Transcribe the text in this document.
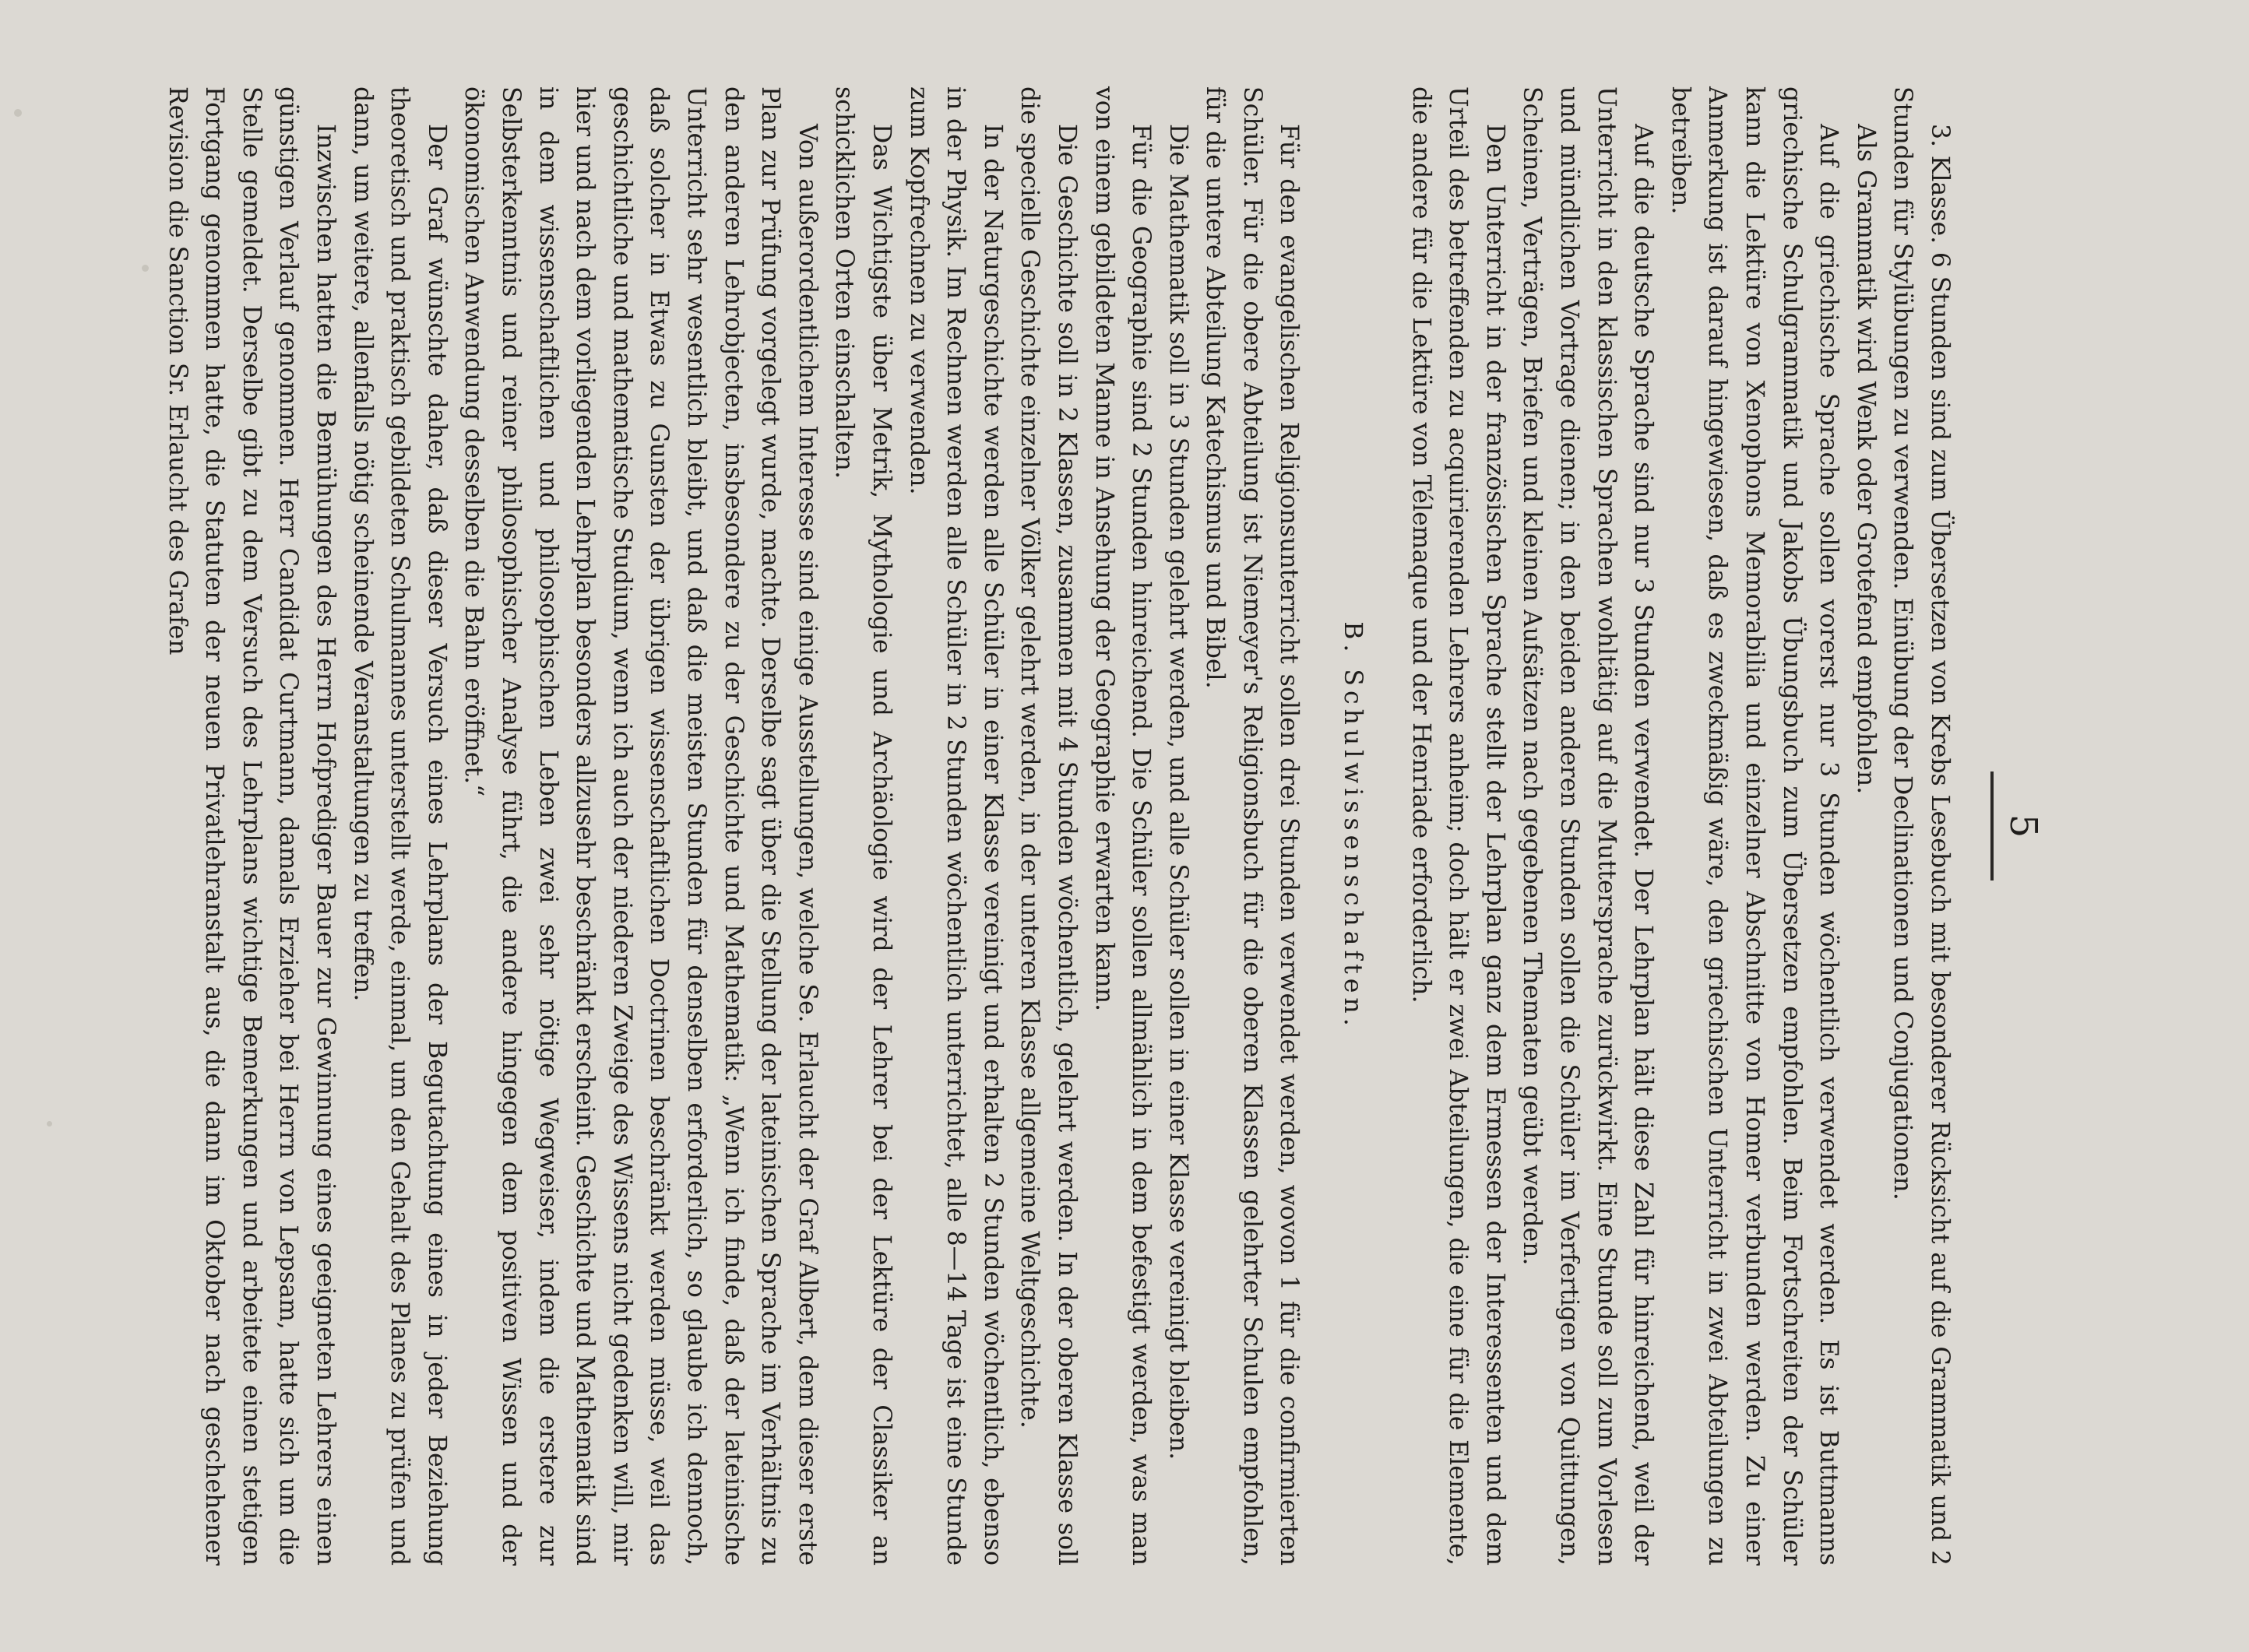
5

3. Klasse. 6 Stunden sind zum Übersetzen von Krebs Lesebuch mit besonderer Rücksicht auf die Grammatik und 2 Stunden für Stylübungen zu verwenden. Einübung der Declinationen und Conjugationen.

Als Grammatik wird Wenk oder Grotefend empfohlen.

Auf die griechische Sprache sollen vorerst nur 3 Stunden wöchentlich verwendet werden. Es ist Buttmanns griechische Schulgrammatik und Jakobs Übungsbuch zum Übersetzen empfohlen. Beim Fortschreiten der Schüler kann die Lektüre von Xenophons Memorabilia und einzelner Abschnitte von Homer verbunden werden. Zu einer Anmerkung ist darauf hingewiesen, daß es zweckmäßig wäre, den griechischen Unterricht in zwei Abteilungen zu betreiben.

Auf die deutsche Sprache sind nur 3 Stunden verwendet. Der Lehrplan hält diese Zahl für hinreichend, weil der Unterricht in den klassischen Sprachen wohltätig auf die Muttersprache zurückwirkt. Eine Stunde soll zum Vorlesen und mündlichen Vortrage dienen; in den beiden anderen Stunden sollen die Schüler im Verfertigen von Quittungen, Scheinen, Verträgen, Briefen und kleinen Aufsätzen nach gegebenen Thematen geübt werden.

Den Unterricht in der französischen Sprache stellt der Lehrplan ganz dem Ermessen der Interessenten und dem Urteil des betreffenden zu acquirierenden Lehrers anheim; doch hält er zwei Abteilungen, die eine für die Elemente, die andere für die Lektüre von Télemaque und der Henriade erforderlich.

B. Schulwissenschaften.

Für den evangelischen Religionsunterricht sollen drei Stunden verwendet werden, wovon 1 für die confirmierten Schüler. Für die obere Abteilung ist Niemeyer's Religionsbuch für die oberen Klassen gelehrter Schulen empfohlen, für die untere Abteilung Katechismus und Bibel.

Die Mathematik soll in 3 Stunden gelehrt werden, und alle Schüler sollen in einer Klasse vereinigt bleiben.

Für die Geographie sind 2 Stunden hinreichend. Die Schüler sollen allmählich in dem befestigt werden, was man von einem gebildeten Manne in Ansehung der Geographie erwarten kann.

Die Geschichte soll in 2 Klassen, zusammen mit 4 Stunden wöchentlich, gelehrt werden. In der oberen Klasse soll die specielle Geschichte einzelner Völker gelehrt werden, in der unteren Klasse allgemeine Weltgeschichte.

In der Naturgeschichte werden alle Schüler in einer Klasse vereinigt und erhalten 2 Stunden wöchentlich, ebenso in der Physik. Im Rechnen werden alle Schüler in 2 Stunden wöchentlich unterrichtet, alle 8—14 Tage ist eine Stunde zum Kopfrechnen zu verwenden.

Das Wichtigste über Metrik, Mythologie und Archäologie wird der Lehrer bei der Lektüre der Classiker an schicklichen Orten einschalten.

Von außerordentlichem Interesse sind einige Ausstellungen, welche Se. Erlaucht der Graf Albert, dem dieser erste Plan zur Prüfung vorgelegt wurde, machte. Derselbe sagt über die Stellung der lateinischen Sprache im Verhältnis zu den anderen Lehrobjecten, insbesondere zu der Geschichte und Mathematik: „Wenn ich finde, daß der lateinische Unterricht sehr wesentlich bleibt, und daß die meisten Stunden für denselben erforderlich, so glaube ich dennoch, daß solcher in Etwas zu Gunsten der übrigen wissenschaftlichen Doctrinen beschränkt werden müsse, weil das geschichtliche und mathematische Studium, wenn ich auch der niederen Zweige des Wissens nicht gedenken will, mir hier und nach dem vorliegenden Lehrplan besonders allzusehr beschränkt erscheint. Geschichte und Mathematik sind in dem wissenschaftlichen und philosophischen Leben zwei sehr nötige Wegweiser, indem die erstere zur Selbsterkenntnis und reiner philosophischer Analyse führt, die andere hingegen dem positiven Wissen und der ökonomischen Anwendung desselben die Bahn eröffnet.“

Der Graf wünschte daher, daß dieser Versuch eines Lehrplans der Begutachtung eines in jeder Beziehung theoretisch und praktisch gebildeten Schulmannes unterstellt werde, einmal, um den Gehalt des Planes zu prüfen und dann, um weitere, allenfalls nötig scheinende Veranstaltungen zu treffen.

Inzwischen hatten die Bemühungen des Herrn Hofprediger Bauer zur Gewinnung eines geeigneten Lehrers einen günstigen Verlauf genommen. Herr Candidat Curtmann, damals Erzieher bei Herrn von Lepsam, hatte sich um die Stelle gemeldet. Derselbe gibt zu dem Versuch des Lehrplans wichtige Bemerkungen und arbeitete einen stetigen Fortgang genommen hatte, die Statuten der neuen Privatlehranstalt aus, die dann im Oktober nach geschehener Revision die Sanction Sr. Erlaucht des Grafen
